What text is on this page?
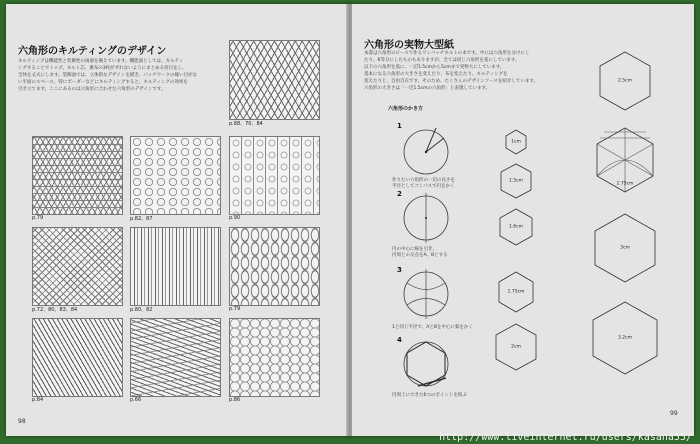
六角形のキルティングのデザイン
キルティングは機能性と装飾性の両面を備えています。機能面としては、キルティ
ングすることでトップ、キルト芯、裏布の3枚がずれないようにまとめる役目をし、
全体を丈夫にします。装飾面では、立体的なデザインを描き、パッチワークの縫い目がな
い平面のスペース、特にボーダーなどにキルティングすると、キルティングの効果を
引き立てます。ここにあるのは六角形に合わせた六角形のデザインです。
p.88、70、84
p.79	p.82、87	p.90
p.72、80、83、84	p.80、82	p.79
p.84	p.66	p.86
98
六角形の実物大型紙
本書は六角形のピースで作るワンパッチキルトの本です。中には六角形を分けにし
たり、6等分にしたものもありますが、全ては同じ六角形を基にしています。
以下の六角形を基に、一辺1.5cmから5cmまで実物大にしています。
基本になる六角形の大きさを変えたり、布を変えたり、キルティングを
変えたりと、自由自在です。そのため、たくさんのデザインソースを紹介しています。
六角形の大きさは「一辺1.5cmの六角形」と表現しています。
六角形のかき方
1
作りたい六角形の一辺の長さを
半径としてコンパスで円をかく
2
円の中心に線を引き、
円周との交点をA、Bとする
3
1と同じ半径で、AとBを中心に弧をかく
4
円周上にできた6つのポイントを結ぶ
1cm
1.5cm
1.6cm
1.75cm
2cm
2.5cm
2.75cm
3cm
3.2cm
99
http://www.liveinternet.ru/users/kasana55/
